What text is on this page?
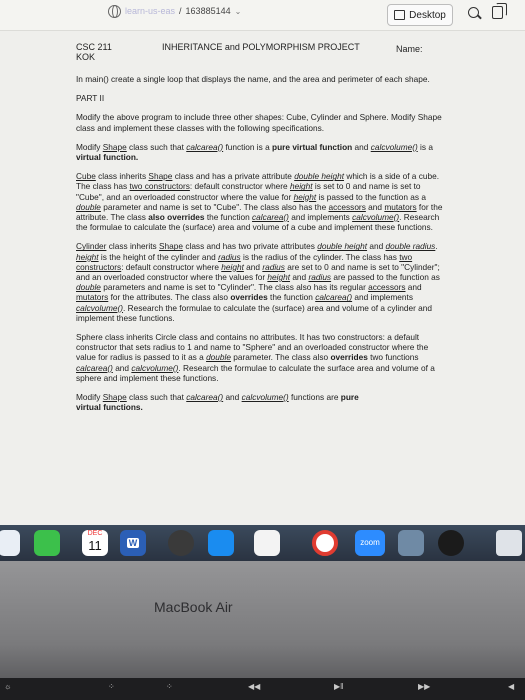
learn-us-eas / 163885144 ⌄	Desktop
CSC 211
KOK
INHERITANCE and POLYMORPHISM PROJECT	Name:

In main() create a single loop that displays the name, and the area and perimeter of each shape.

PART II

Modify the above program to include three other shapes: Cube, Cylinder and Sphere. Modify Shape class and implement these classes with the following specifications.

Modify Shape class such that calcarea() function is a pure virtual function and calcvolume() is a virtual function.

Cube class inherits Shape class and has a private attribute double height which is a side of a cube. The class has two constructors: default constructor where height is set to 0 and name is set to "Cube", and an overloaded constructor where the value for height is passed to the function as a double parameter and name is set to "Cube". The class also has the accessors and mutators for the attribute. The class also overrides the function calcarea() and implements calcvolume(). Research the formulae to calculate the (surface) area and volume of a cube and implement these functions.

Cylinder class inherits Shape class and has two private attributes double height and double radius. height is the height of the cylinder and radius is the radius of the cylinder. The class has two constructors: default constructor where height and radius are set to 0 and name is set to "Cylinder"; and an overloaded constructor where the values for height and radius are passed to the function as double parameters and name is set to "Cylinder". The class also has its regular accessors and mutators for the attributes. The class also overrides the function calcarea() and implements calcvolume(). Research the formulae to calculate the (surface) area and volume of a cylinder and implement these functions.

Sphere class inherits Circle class and contains no attributes. It has two constructors: a default constructor that sets radius to 1 and name to "Sphere" and an overloaded constructor where the value for radius is passed to it as a double parameter. The class also overrides two functions calcarea() and calcvolume(). Research the formulae to calculate the surface area and volume of a sphere and implement these functions.

Modify Shape class such that calcarea() and calcvolume() functions are pure
virtual functions.

DEC
11	W	zoom
MacBook Air
☼	⁘	⁘	◀◀	▶‖	▶▶	◀
